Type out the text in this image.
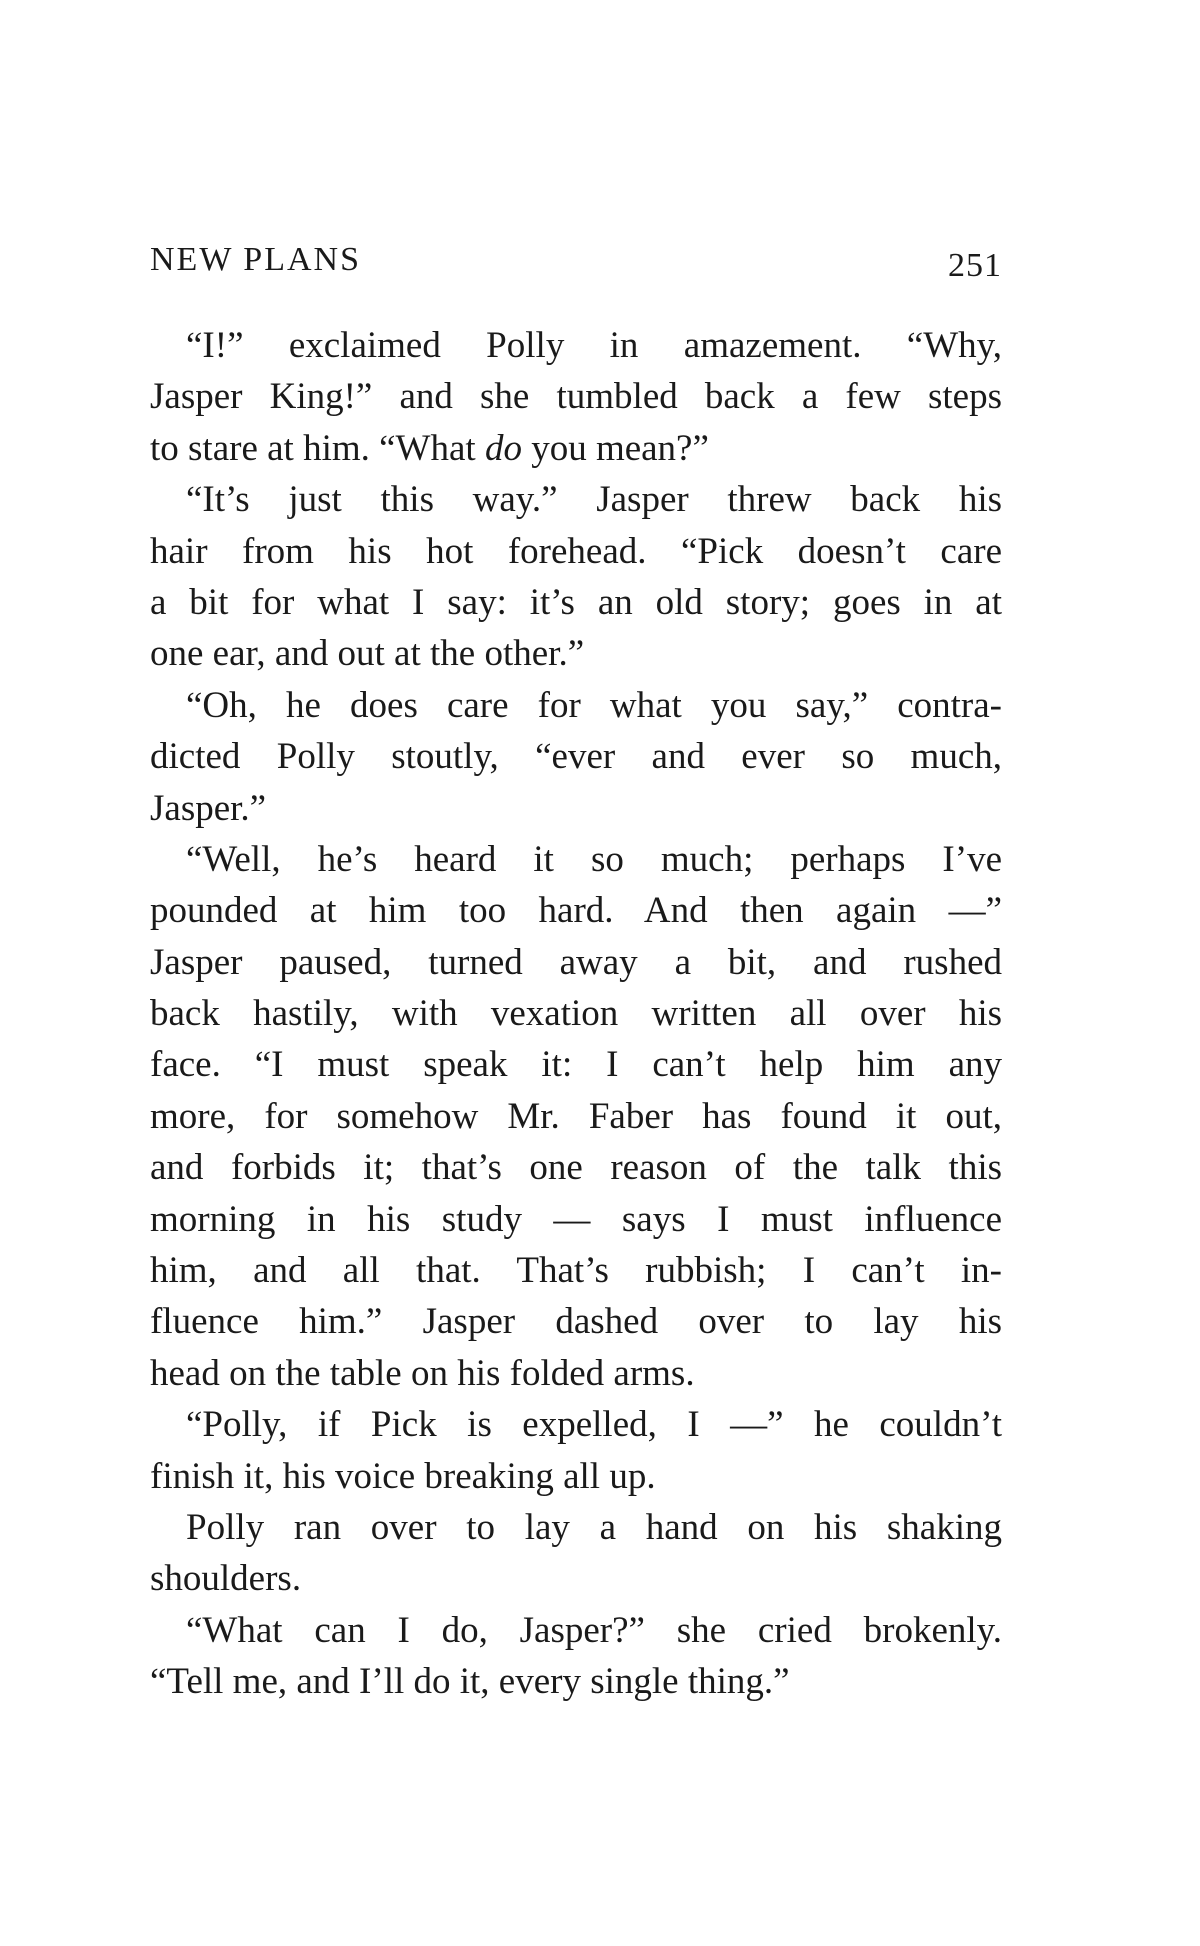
NEW PLANS	251
“I!” exclaimed Polly in amazement. “Why,
Jasper King!” and she tumbled back a few steps
to stare at him. “What do you mean?”
“It’s just this way.” Jasper threw back his
hair from his hot forehead. “Pick doesn’t care
a bit for what I say: it’s an old story; goes in at
one ear, and out at the other.”
“Oh, he does care for what you say,” contra-
dicted Polly stoutly, “ever and ever so much,
Jasper.”
“Well, he’s heard it so much; perhaps I’ve
pounded at him too hard. And then again —”
Jasper paused, turned away a bit, and rushed
back hastily, with vexation written all over his
face. “I must speak it: I can’t help him any
more, for somehow Mr. Faber has found it out,
and forbids it; that’s one reason of the talk this
morning in his study — says I must influence
him, and all that. That’s rubbish; I can’t in-
fluence him.” Jasper dashed over to lay his
head on the table on his folded arms.
“Polly, if Pick is expelled, I —” he couldn’t
finish it, his voice breaking all up.
Polly ran over to lay a hand on his shaking
shoulders.
“What can I do, Jasper?” she cried brokenly.
“Tell me, and I’ll do it, every single thing.”
